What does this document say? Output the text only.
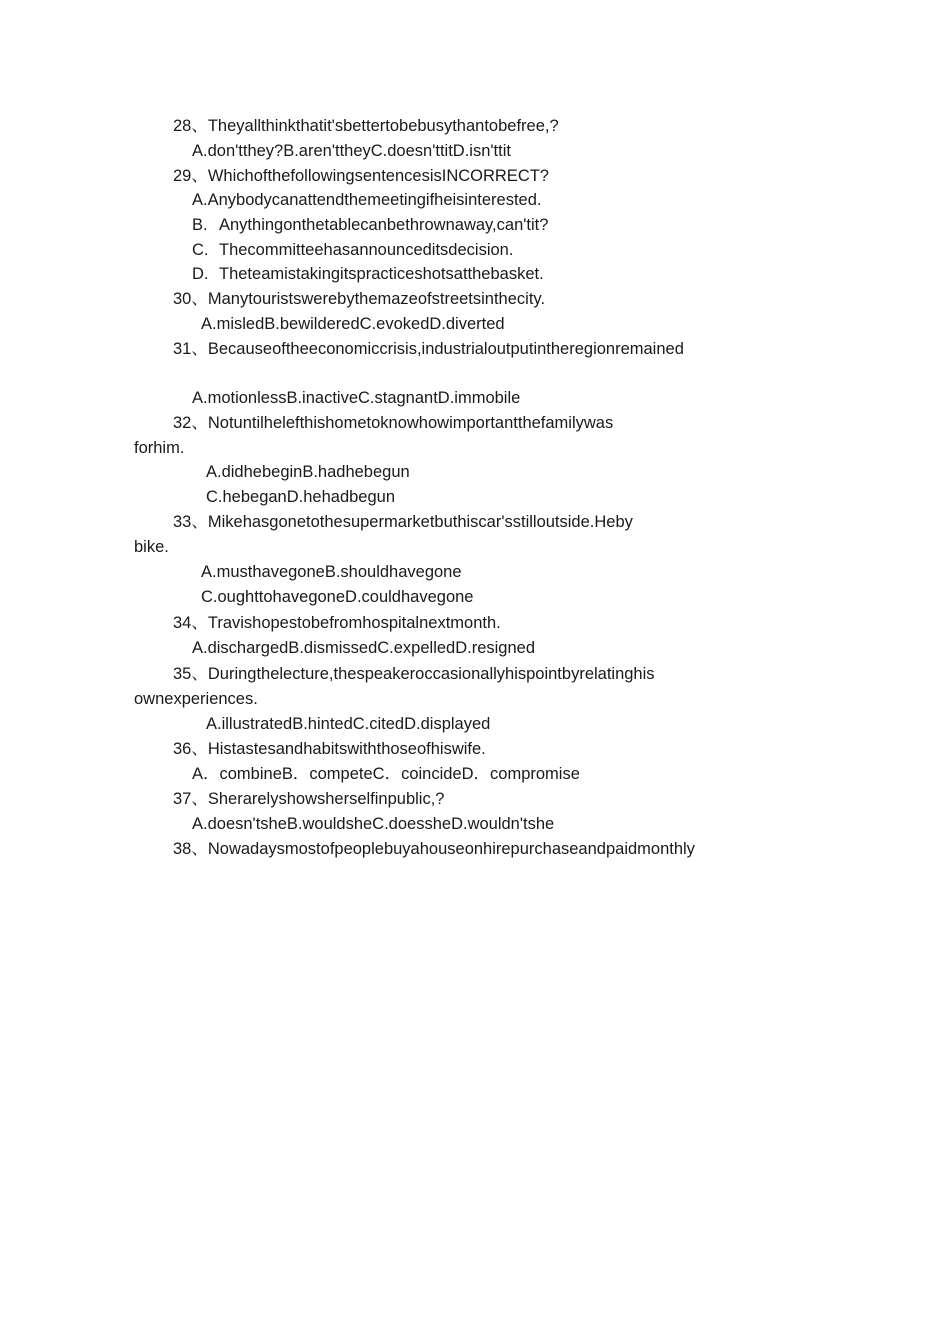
28、Theyallthinkthatit'sbettertobebusythantobefree,?
A.don'tthey?B.aren'ttheyC.doesn'ttitD.isn'ttit
29、WhichofthefollowingsentencesisINCORRECT?
A.Anybodycanattendthemeetingifheisinterested.
B. Anythingonthetablecanbethrownaway,can'tit?
C. Thecommitteehasannounceditsdecision.
D. Theteamistakingitspracticeshotsatthebasket.
30、Manytouristswerebythemazeofstreetsinthecity.
A.misledB.bewilderedC.evokedD.diverted
31、Becauseoftheeconomiccrisis,industrialoutputintheregionremained
A.motionlessB.inactiveC.stagnantD.immobile
32、Notuntilhelefthishometoknowhowimportantthefamilywas
forhim.
A.didhebeginB.hadhebegun
C.hebeganD.hehadbegun
33、Mikehasgonetothesupermarketbuthiscar'sstilloutside.Heby
bike.
A.musthavegoneB.shouldhavegone
C.oughttohavegoneD.couldhavegone
34、Travishopestobefromhospitalnextmonth.
A.dischargedB.dismissedC.expelledD.resigned
35、Duringthelecture,thespeakeroccasionallyhispointbyrelatinghis
ownexperiences.
A.illustratedB.hintedC.citedD.displayed
36、Histastesandhabitswiththoseofhiswife.
A．combineB．competeC．coincideD．compromise
37、Sherarelyshowsherselfinpublic,?
A.doesn'tsheB.wouldsheC.doessheD.wouldn'tshe
38、Nowadaysmostofpeoplebuyahouseonhirepurchaseandpaidmonthly
